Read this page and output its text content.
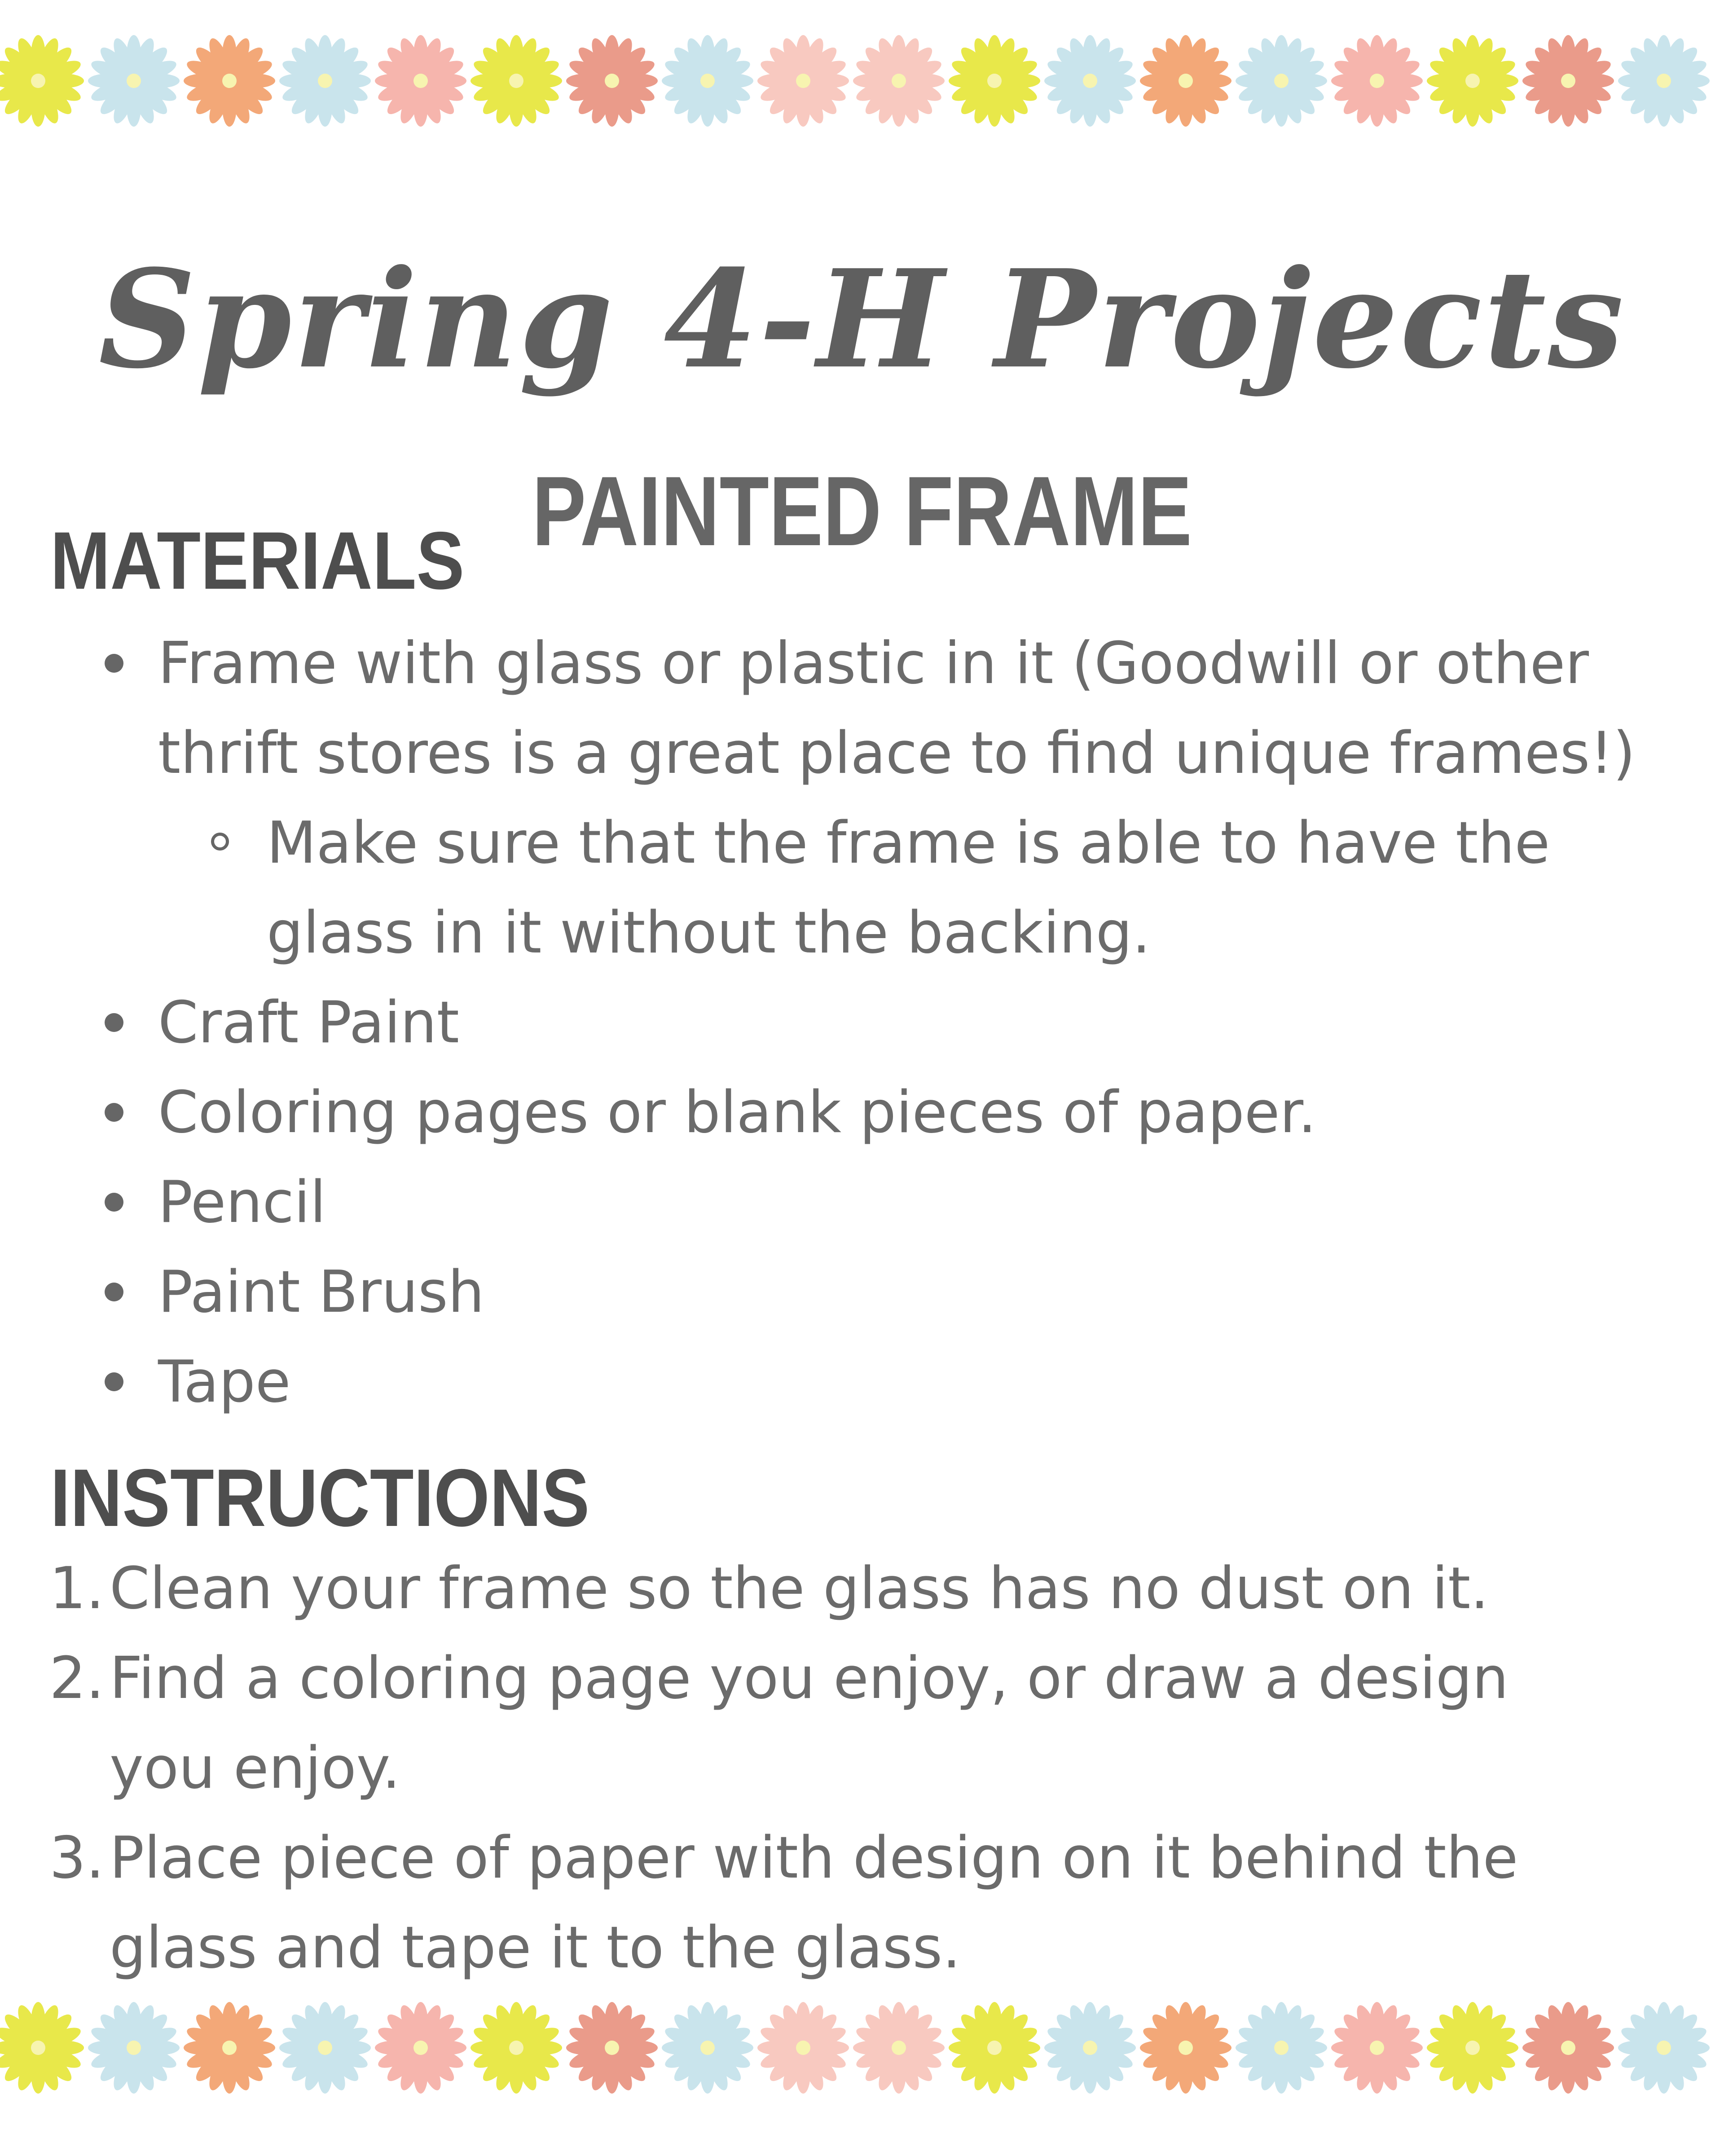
Spring 4-H Projects
PAINTED FRAME
MATERIALS
Frame with glass or plastic in it (Goodwill or other
thrift stores is a great place to find unique frames!)
Make sure that the frame is able to have the
glass in it without the backing.
Craft Paint
Coloring pages or blank pieces of paper.
Pencil
Paint Brush
Tape
INSTRUCTIONS
1. Clean your frame so the glass has no dust on it.
2. Find a coloring page you enjoy, or draw a design
you enjoy.
3. Place piece of paper with design on it behind the
glass and tape it to the glass.
